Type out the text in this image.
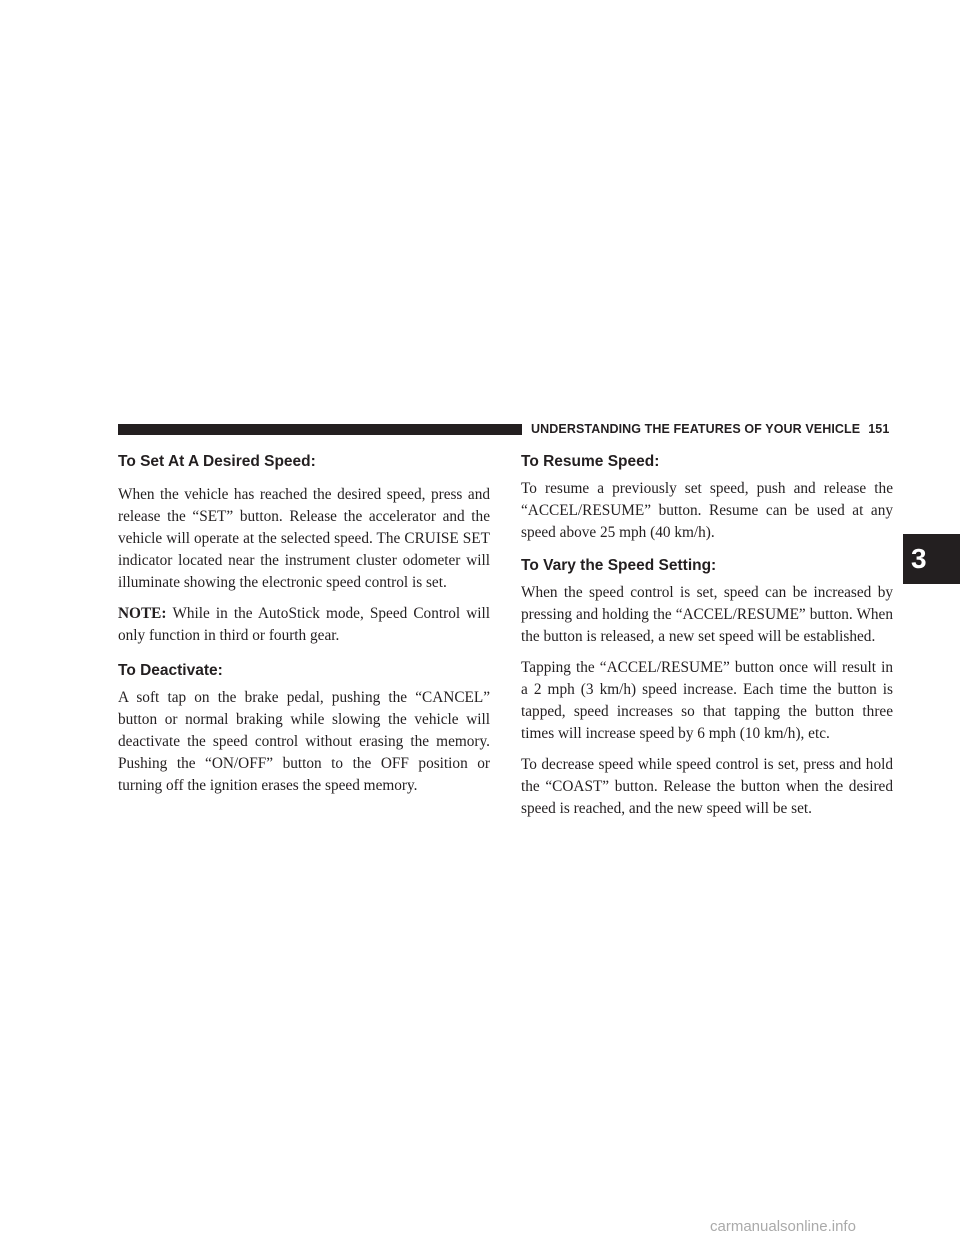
UNDERSTANDING THE FEATURES OF YOUR VEHICLE 151
To Set At A Desired Speed:

When the vehicle has reached the desired speed, press and release the “SET” button. Release the accelerator and the vehicle will operate at the selected speed. The CRUISE SET indicator located near the instrument cluster odometer will illuminate showing the electronic speed control is set.

NOTE: While in the AutoStick mode, Speed Control will only function in third or fourth gear.

To Deactivate:

A soft tap on the brake pedal, pushing the “CANCEL” button or normal braking while slowing the vehicle will deactivate the speed control without erasing the memory. Pushing the “ON/OFF” button to the OFF position or turning off the ignition erases the speed memory.

To Resume Speed:

To resume a previously set speed, push and release the “ACCEL/RESUME” button. Resume can be used at any speed above 25 mph (40 km/h).

To Vary the Speed Setting:

When the speed control is set, speed can be increased by pressing and holding the “ACCEL/RESUME” button. When the button is released, a new set speed will be established.

Tapping the “ACCEL/RESUME” button once will result in a 2 mph (3 km/h) speed increase. Each time the button is tapped, speed increases so that tapping the button three times will increase speed by 6 mph (10 km/h), etc.

To decrease speed while speed control is set, press and hold the “COAST” button. Release the button when the desired speed is reached, and the new speed will be set.

3
carmanualsonline.info
